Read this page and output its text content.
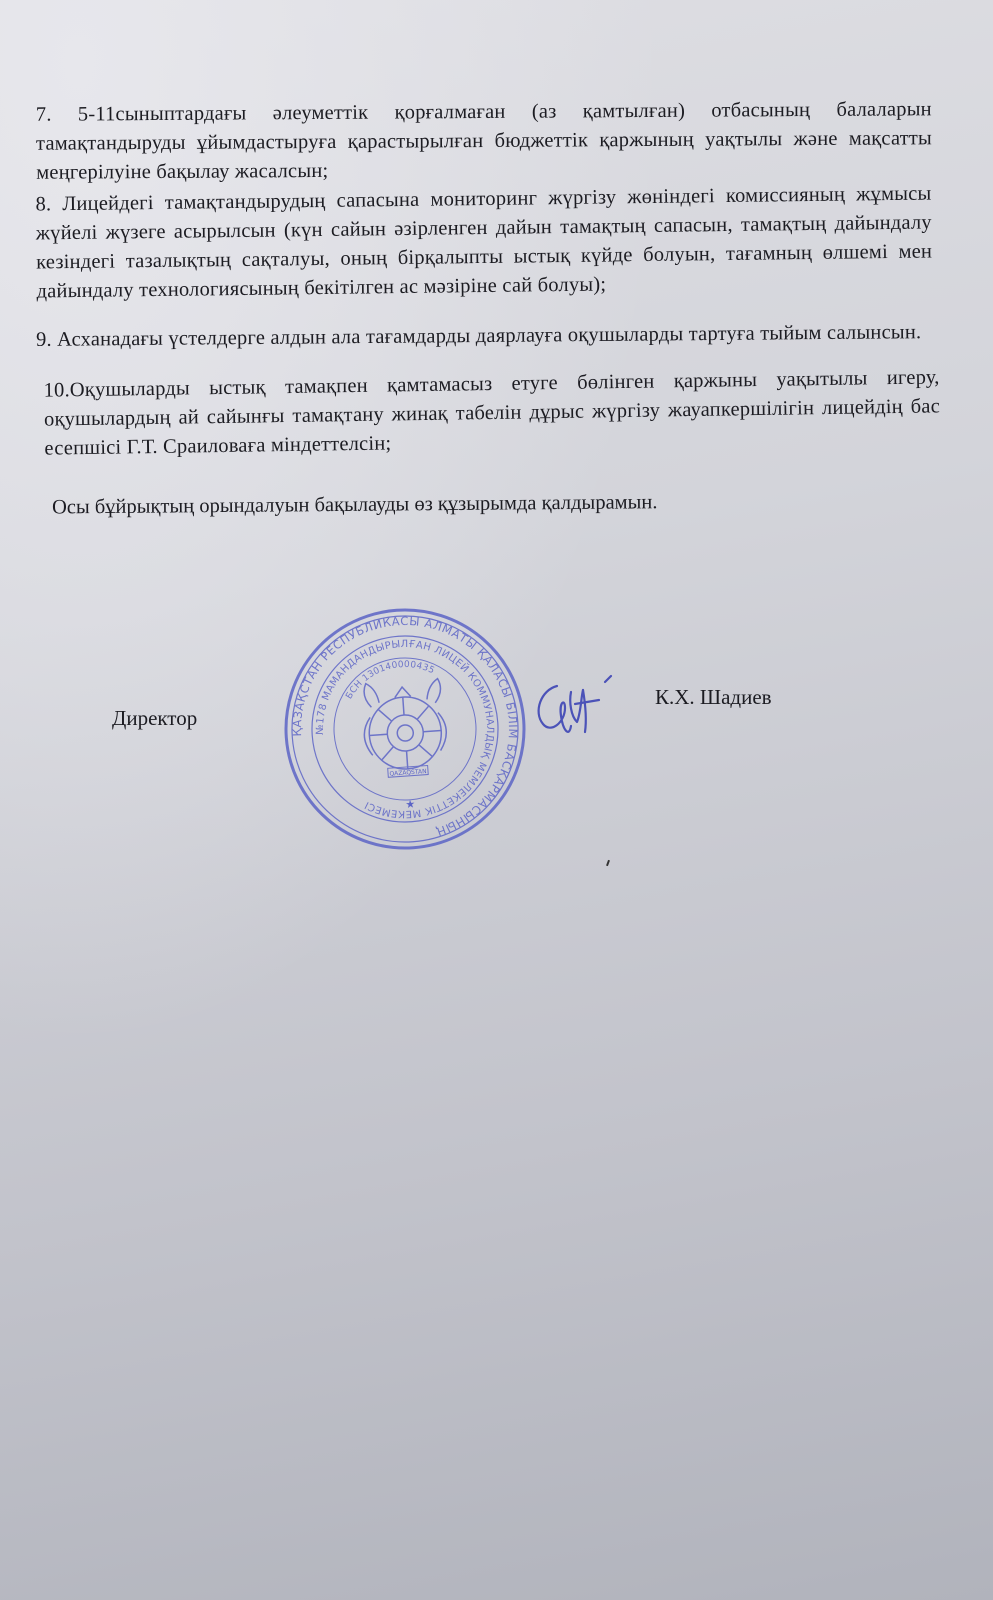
7. 5-11сыныптардағы әлеуметтік қорғалмаған (аз қамтылған) отбасының балаларын тамақтандыруды ұйымдастыруға қарастырылған бюджеттік қаржының уақтылы және мақсатты меңгерілуіне бақылау жасалсын;

8. Лицейдегі тамақтандырудың сапасына мониторинг жүргізу жөніндегі комиссияның жұмысы жүйелі жүзеге асырылсын (күн сайын әзірленген дайын тамақтың сапасын, тамақтың дайындалу кезіндегі тазалықтың сақталуы, оның бірқалыпты ыстық күйде болуын, тағамның өлшемі мен дайындалу технологиясының бекітілген ас мәзіріне сай болуы);

9. Асханадағы үстелдерге алдын ала тағамдарды даярлауға оқушыларды тартуға тыйым салынсын.

10.Оқушыларды ыстық тамақпен қамтамасыз етуге бөлінген қаржыны уақытылы игеру, оқушылардың ай сайынғы тамақтану жинақ табелін дұрыс жүргізу жауапкершілігін лицейдің бас есепшісі Г.Т. Сраиловаға міндеттелсін;

Осы бұйрықтың орындалуын бақылауды өз құзырымда қалдырамын.
Директор
ҚАЗАҚСТАН РЕСПУБЛИКАСЫ АЛМАТЫ ҚАЛАСЫ БІЛІМ БАСҚАРМАСЫНЫҢ
№178 МАМАНДАНДЫРЫЛҒАН ЛИЦЕЙ КОММУНАЛДЫҚ МЕМЛЕКЕТТІК МЕКЕМЕСІ
БСН 130140000435
QAZAQSTAN
★
К.Х. Шадиев
